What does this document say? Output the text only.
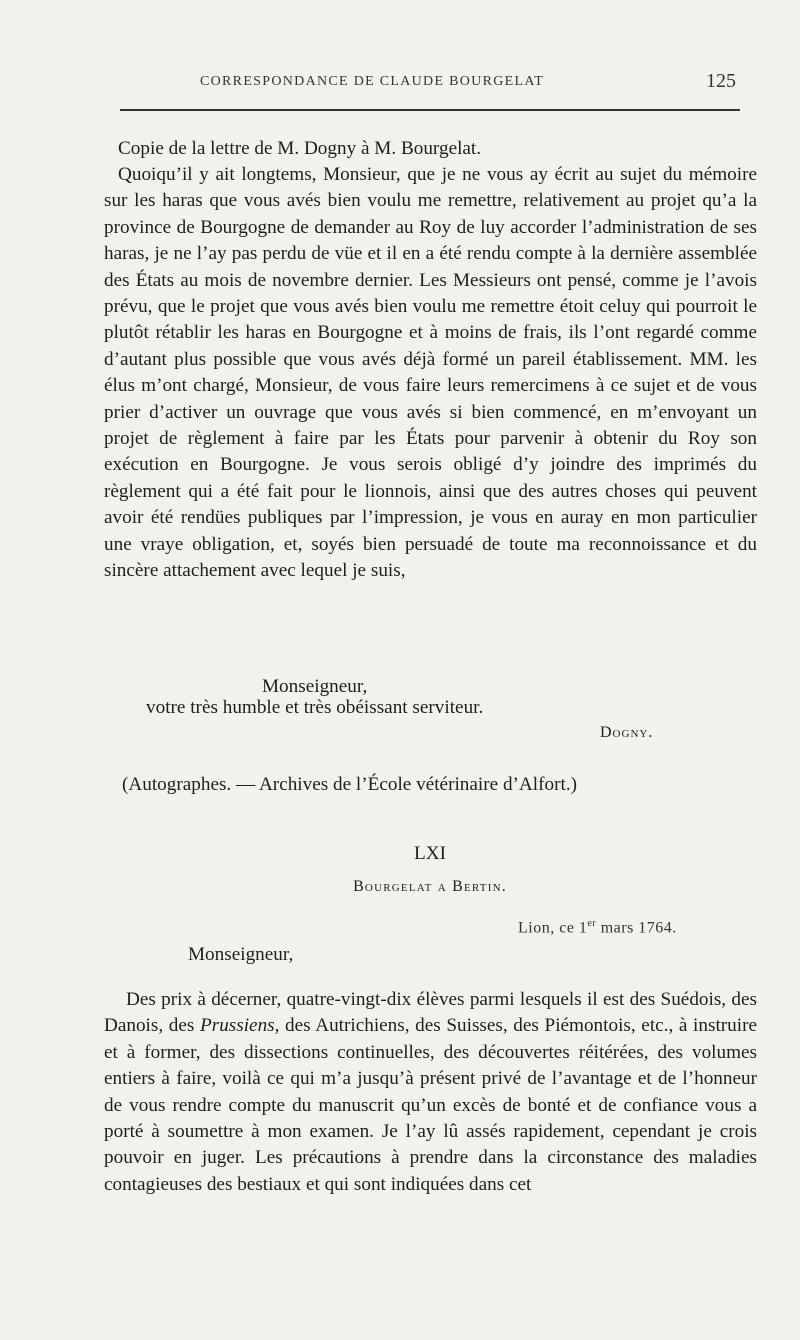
CORRESPONDANCE DE CLAUDE BOURGELAT	125
Copie de la lettre de M. Dogny à M. Bourgelat.
Quoiqu’il y ait longtems, Monsieur, que je ne vous ay écrit au sujet du mémoire sur les haras que vous avés bien voulu me remettre, relativement au projet qu’a la province de Bourgogne de demander au Roy de luy accorder l’administration de ses haras, je ne l’ay pas perdu de vüe et il en a été rendu compte à la dernière assemblée des États au mois de novembre dernier. Les Messieurs ont pensé, comme je l’avois prévu, que le projet que vous avés bien voulu me remettre étoit celuy qui pourroit le plutôt rétablir les haras en Bourgogne et à moins de frais, ils l’ont regardé comme d’autant plus possible que vous avés déjà formé un pareil établissement. MM. les élus m’ont chargé, Monsieur, de vous faire leurs remercimens à ce sujet et de vous prier d’activer un ouvrage que vous avés si bien commencé, en m’envoyant un projet de règlement à faire par les États pour parvenir à obtenir du Roy son exécution en Bourgogne. Je vous serois obligé d’y joindre des imprimés du règlement qui a été fait pour le lionnois, ainsi que des autres choses qui peuvent avoir été rendües publiques par l’impression, je vous en auray en mon particulier une vraye obligation, et, soyés bien persuadé de toute ma reconnoissance et du sincère attachement avec lequel je suis,
Monseigneur,
votre très humble et très obéissant serviteur.
Dogny.
(Autographes. — Archives de l’École vétérinaire d’Alfort.)
LXI
Bourgelat a Bertin.
Lion, ce 1er mars 1764.
Monseigneur,
Des prix à décerner, quatre-vingt-dix élèves parmi lesquels il est des Suédois, des Danois, des Prussiens, des Autrichiens, des Suisses, des Piémontois, etc., à instruire et à former, des dissections continuelles, des découvertes réitérées, des volumes entiers à faire, voilà ce qui m’a jusqu’à présent privé de l’avantage et de l’honneur de vous rendre compte du manuscrit qu’un excès de bonté et de confiance vous a porté à soumettre à mon examen. Je l’ay lû assés rapidement, cependant je crois pouvoir en juger. Les précautions à prendre dans la circonstance des maladies contagieuses des bestiaux et qui sont indiquées dans cet
